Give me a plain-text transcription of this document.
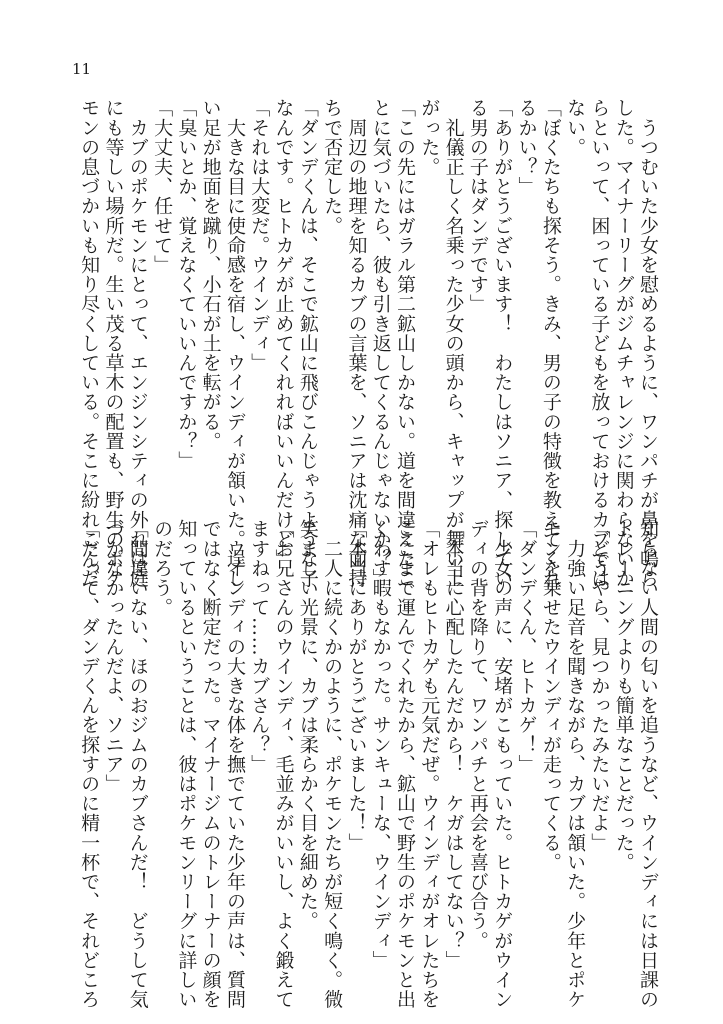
11
　うつむいた少女を慰めるように、ワンパチが鼻を鳴ら
した。マイナーリーグがジムチャレンジに関わらないか
らといって、困っている子どもを放っておけるカブでは
ない。
「ぼくたちも探そう。きみ、男の子の特徴を教えてくれ
るかい？」
「ありがとうございます！　わたしはソニア、探してい
る男の子はダンデです」
　礼儀正しく名乗った少女の頭から、キャップが舞い上
がった。
「この先にはガラル第二鉱山しかない。道を間違えたこ
とに気づいたら、彼も引き返してくるんじゃないか？」
　周辺の地理を知るカブの言葉を、ソニアは沈痛な面持
ちで否定した。
「ダンデくんは、そこで鉱山に飛びこんじゃうような子
なんです。ヒトカゲが止めてくれればいいんだけど」
「それは大変だ。ウインディ」
　大きな目に使命感を宿し、ウインディが頷いた。逞し
い足が地面を蹴り、小石が土を転がる。
「臭いとか、覚えなくていいんですか？」
「大丈夫、任せて」
　カブのポケモンにとって、エンジンシティの外れは庭
にも等しい場所だ。生い茂る草木の配置も、野生のポケ
モンの息づかいも知り尽くしている。そこに紛れこんだ
知らない人間の匂いを追うなど、ウインディには日課の
トレーニングよりも簡単なことだった。
「どうやら、見つかったみたいだよ」
　力強い足音を聞きながら、カブは頷いた。少年とポケ
モンを乗せたウインディが走ってくる。
「ダンデくん、ヒトカゲ！」
　少女の声に、安堵がこもっていた。ヒトカゲがウイン
ディの背を降りて、ワンパチと再会を喜び合う。
「本当に心配したんだから！　ケガはしてない？」
「オレもヒトカゲも元気だぜ。ウインディがオレたちを
ここまで運んでくれたから、鉱山で野生のポケモンと出
くわす暇もなかった。サンキューな、ウインディ」
「本当にありがとうございました！」
　二人に続くかのように、ポケモンたちが短く鳴く。微
笑ましい光景に、カブは柔らかく目を細めた。
「お兄さんのウインディ、毛並みがいいし、よく鍛えて
ますねって……カブさん？」
　ウインディの大きな体を撫でていた少年の声は、質問
ではなく断定だった。マイナージムのトレーナーの顔を
知っているということは、彼はポケモンリーグに詳しい
のだろう。
「間違いない、ほのおジムのカブさんだ！　どうして気
づかなかったんだよ、ソニア」
「だって、ダンデくんを探すのに精一杯で、それどころ
